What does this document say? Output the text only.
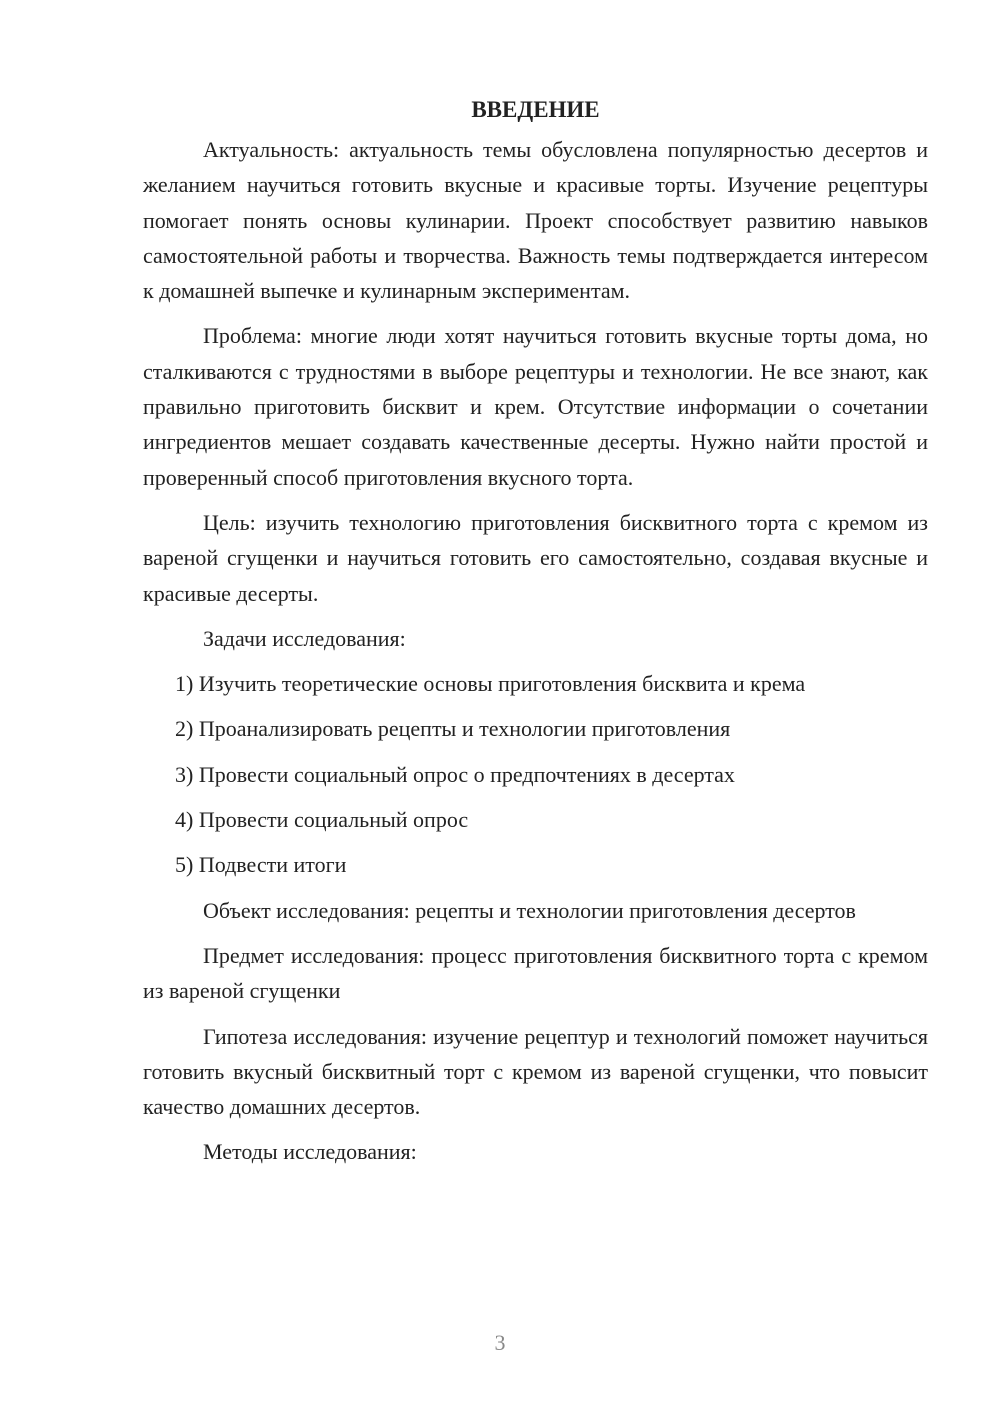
ВВЕДЕНИЕ

Актуальность: актуальность темы обусловлена популярностью десертов и желанием научиться готовить вкусные и красивые торты. Изучение рецептуры помогает понять основы кулинарии. Проект способствует развитию навыков самостоятельной работы и творчества. Важность темы подтверждается интересом к домашней выпечке и кулинарным экспериментам.

Проблема: многие люди хотят научиться готовить вкусные торты дома, но сталкиваются с трудностями в выборе рецептуры и технологии. Не все знают, как правильно приготовить бисквит и крем. Отсутствие информации о сочетании ингредиентов мешает создавать качественные десерты. Нужно найти простой и проверенный способ приготовления вкусного торта.

Цель: изучить технологию приготовления бисквитного торта с кремом из вареной сгущенки и научиться готовить его самостоятельно, создавая вкусные и красивые десерты.

Задачи исследования:

1) Изучить теоретические основы приготовления бисквита и крема
2) Проанализировать рецепты и технологии приготовления
3) Провести социальный опрос о предпочтениях в десертах
4) Провести социальный опрос
5) Подвести итоги

Объект исследования: рецепты и технологии приготовления десертов

Предмет исследования: процесс приготовления бисквитного торта с кремом из вареной сгущенки

Гипотеза исследования: изучение рецептур и технологий поможет научиться готовить вкусный бисквитный торт с кремом из вареной сгущенки, что повысит качество домашних десертов.

Методы исследования:

3
